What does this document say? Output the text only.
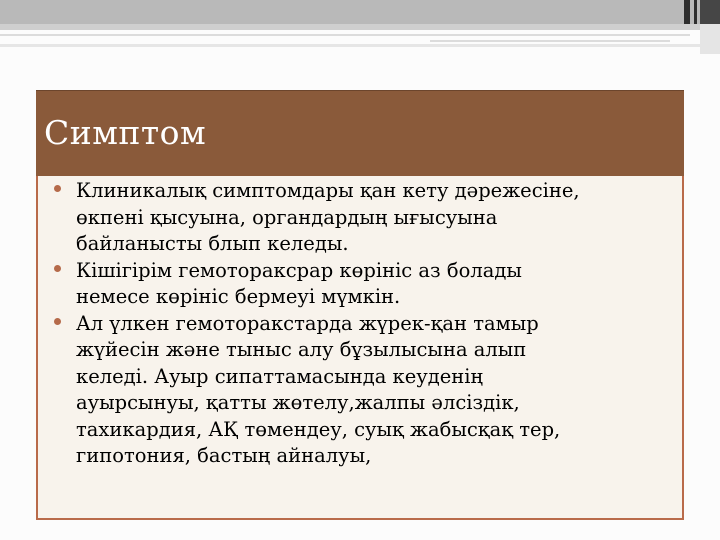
Симптом
Клиникалық симптомдары қан кету дәрежесіне,
өкпені қысуына, органдардың ығысуына
байланысты блып келеды.
Кішігірім гемотораксрар көрініс аз болады
немесе көрініс бермеуі мүмкін.
Ал үлкен гемоторакстарда жүрек-қан тамыр
жүйесін және тыныс алу бұзылысына алып
келеді. Ауыр сипаттамасында кеуденің
ауырсынуы, қатты жөтелу,жалпы әлсіздік,
тахикардия, АҚ төмендеу, суық жабысқақ тер,
гипотония, бастың айналуы,
